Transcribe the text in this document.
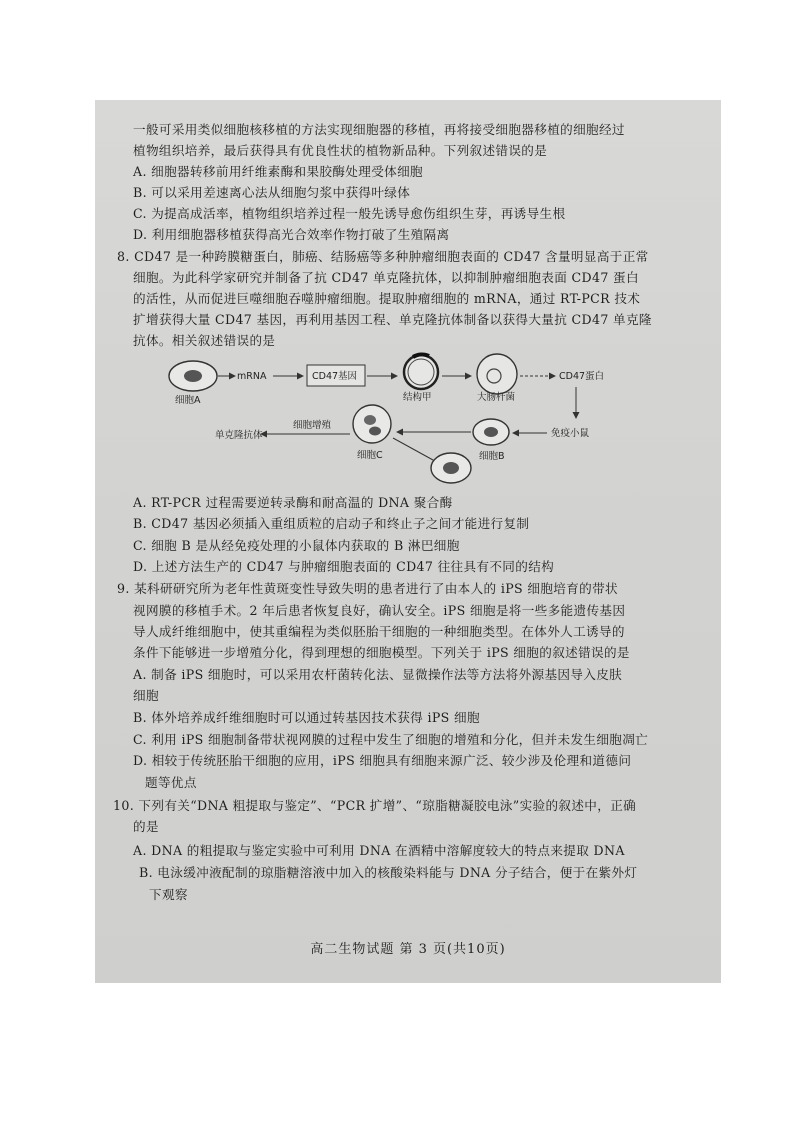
一般可采用类似细胞核移植的方法实现细胞器的移植，再将接受细胞器移植的细胞经过
植物组织培养，最后获得具有优良性状的植物新品种。下列叙述错误的是
A. 细胞器转移前用纤维素酶和果胶酶处理受体细胞
B. 可以采用差速离心法从细胞匀浆中获得叶绿体
C. 为提高成活率，植物组织培养过程一般先诱导愈伤组织生芽，再诱导生根
D. 利用细胞器移植获得高光合效率作物打破了生殖隔离
8. CD47 是一种跨膜糖蛋白，肺癌、结肠癌等多种肿瘤细胞表面的 CD47 含量明显高于正常
细胞。为此科学家研究并制备了抗 CD47 单克隆抗体，以抑制肿瘤细胞表面 CD47 蛋白
的活性，从而促进巨噬细胞吞噬肿瘤细胞。提取肿瘤细胞的 mRNA，通过 RT-PCR 技术
扩增获得大量 CD47 基因，再利用基因工程、单克隆抗体制备以获得大量抗 CD47 单克隆
抗体。相关叙述错误的是
A. RT-PCR 过程需要逆转录酶和耐高温的 DNA 聚合酶
B. CD47 基因必须插入重组质粒的启动子和终止子之间才能进行复制
C. 细胞 B 是从经免疫处理的小鼠体内获取的 B 淋巴细胞
D. 上述方法生产的 CD47 与肿瘤细胞表面的 CD47 往往具有不同的结构
9. 某科研研究所为老年性黄斑变性导致失明的患者进行了由本人的 iPS 细胞培育的带状
视网膜的移植手术。2 年后患者恢复良好，确认安全。iPS 细胞是将一些多能遗传基因
导人成纤维细胞中，使其重编程为类似胚胎干细胞的一种细胞类型。在体外人工诱导的
条件下能够进一步增殖分化，得到理想的细胞模型。下列关于 iPS 细胞的叙述错误的是
A. 制备 iPS 细胞时，可以采用农杆菌转化法、显微操作法等方法将外源基因导入皮肤
细胞
B. 体外培养成纤维细胞时可以通过转基因技术获得 iPS 细胞
C. 利用 iPS 细胞制备带状视网膜的过程中发生了细胞的增殖和分化，但并未发生细胞凋亡
D. 相较于传统胚胎干细胞的应用，iPS 细胞具有细胞来源广泛、较少涉及伦理和道德问
题等优点
10. 下列有关“DNA 粗提取与鉴定”、“PCR 扩增”、“琼脂糖凝胶电泳”实验的叙述中，正确
的是
A. DNA 的粗提取与鉴定实验中可利用 DNA 在酒精中溶解度较大的特点来提取 DNA
B. 电泳缓冲液配制的琼脂糖溶液中加入的核酸染料能与 DNA 分子结合，便于在紫外灯
下观察
细胞A
mRNA	CD47基因
结构甲	大肠杆菌
CD47蛋白
免疫小鼠
细胞B
细胞C
细胞增殖
单克隆抗体
高二生物试题 第 3 页(共10页)
